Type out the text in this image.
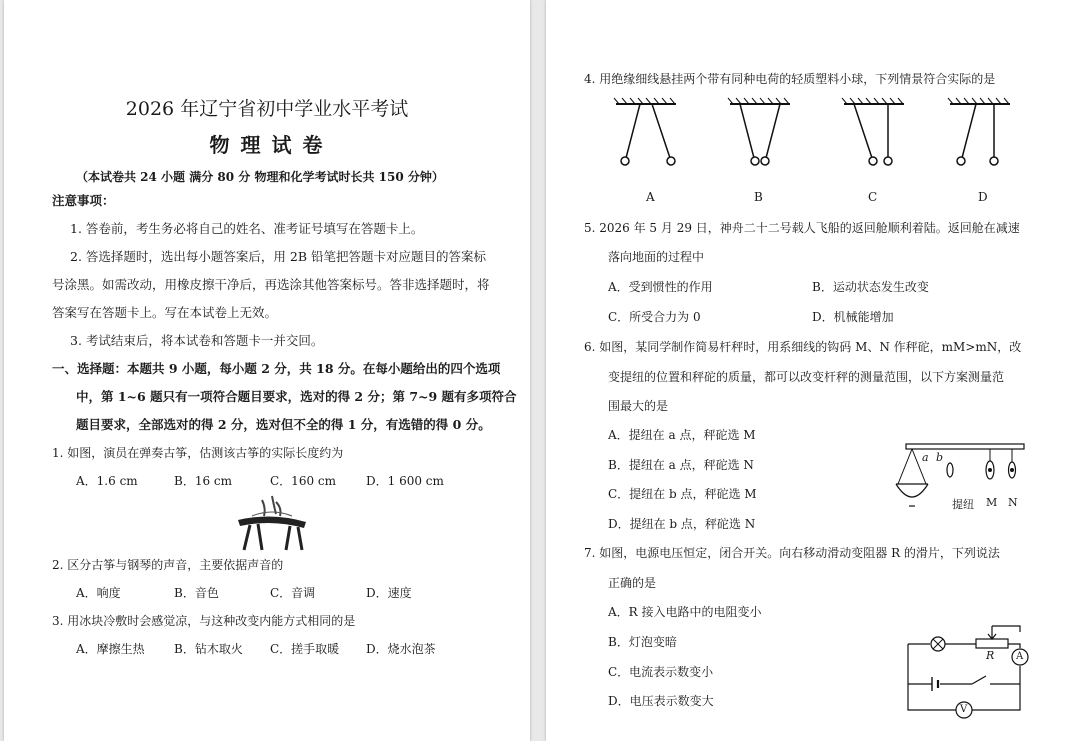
2026 年辽宁省初中学业水平考试
物 理 试 卷
（本试卷共 24 小题 满分 80 分 物理和化学考试时长共 150 分钟）
注意事项：
1. 答卷前，考生务必将自己的姓名、准考证号填写在答题卡上。
2. 答选择题时，选出每小题答案后，用 2B 铅笔把答题卡对应题目的答案标
号涂黑。如需改动，用橡皮擦干净后，再选涂其他答案标号。答非选择题时，将
答案写在答题卡上。写在本试卷上无效。
3. 考试结束后，将本试卷和答题卡一并交回。
一、选择题：本题共 9 小题，每小题 2 分，共 18 分。在每小题给出的四个选项
中，第 1~6 题只有一项符合题目要求，选对的得 2 分；第 7~9 题有多项符合
题目要求，全部选对的得 2 分，选对但不全的得 1 分，有选错的得 0 分。
1. 如图，演员在弹奏古筝，估测该古筝的实际长度约为
A．1.6 cm	B．16 cm	C．160 cm D．1 600 cm
2. 区分古筝与钢琴的声音，主要依据声音的
A．响度	B．音色	C．音调	D．速度
3. 用冰块冷敷时会感觉凉，与这种改变内能方式相同的是
A．摩擦生热 B．钻木取火 C．搓手取暖 D．烧水泡茶
4. 用绝缘细线悬挂两个带有同种电荷的轻质塑料小球，下列情景符合实际的是
A	B	C	D
5. 2026 年 5 月 29 日，神舟二十二号载人飞船的返回舱顺利着陆。返回舱在减速
落向地面的过程中
A．受到惯性的作用	B．运动状态发生改变
C．所受合力为 0	D．机械能增加
6. 如图，某同学制作简易杆秤时，用系细线的钩码 M、N 作秤砣，mM>mN，改
变提纽的位置和秤砣的质量，都可以改变杆秤的测量范围，以下方案测量范
围最大的是
A．提纽在 a 点，秤砣选 M
B．提纽在 a 点，秤砣选 N
C．提纽在 b 点，秤砣选 M
D．提纽在 b 点，秤砣选 N
a b
提纽 M N
7. 如图，电源电压恒定，闭合开关。向右移动滑动变阻器 R 的滑片，下列说法
正确的是
A．R 接入电路中的电阻变小
B．灯泡变暗
C．电流表示数变小
D．电压表示数变大
R A
V
